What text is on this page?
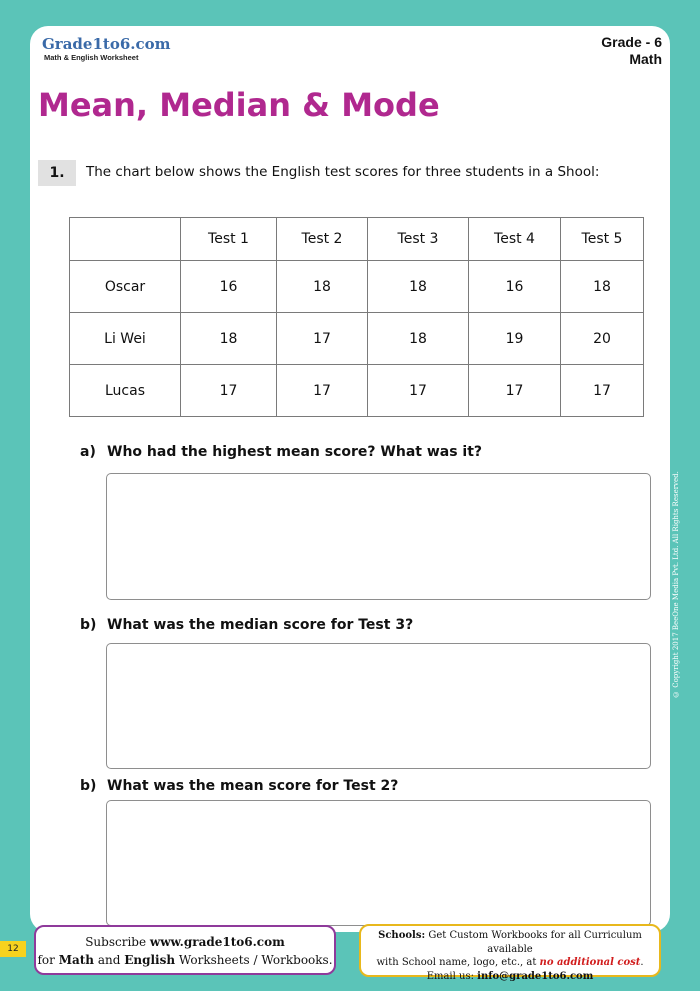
Grade1to6.com
Math & English Worksheet
Grade - 6
Math
Mean, Median & Mode
1.	The chart below shows the English test scores for three students in a Shool:
	Test 1	Test 2	Test 3	Test 4	Test 5
Oscar	16	18	18	16	18
Li Wei	18	17	18	19	20
Lucas	17	17	17	17	17
a) Who had the highest mean score? What was it?
b) What was the median score for Test 3?
b) What was the mean score for Test 2?
© Copyright 2017 BeeOne Media Pvt. Ltd. All Rights Reserved.
12	Subscribe www.grade1to6.com
for Math and English Worksheets / Workbooks.
Schools: Get Custom Workbooks for all Curriculum available
with School name, logo, etc., at no additional cost.
Email us: info@grade1to6.com
